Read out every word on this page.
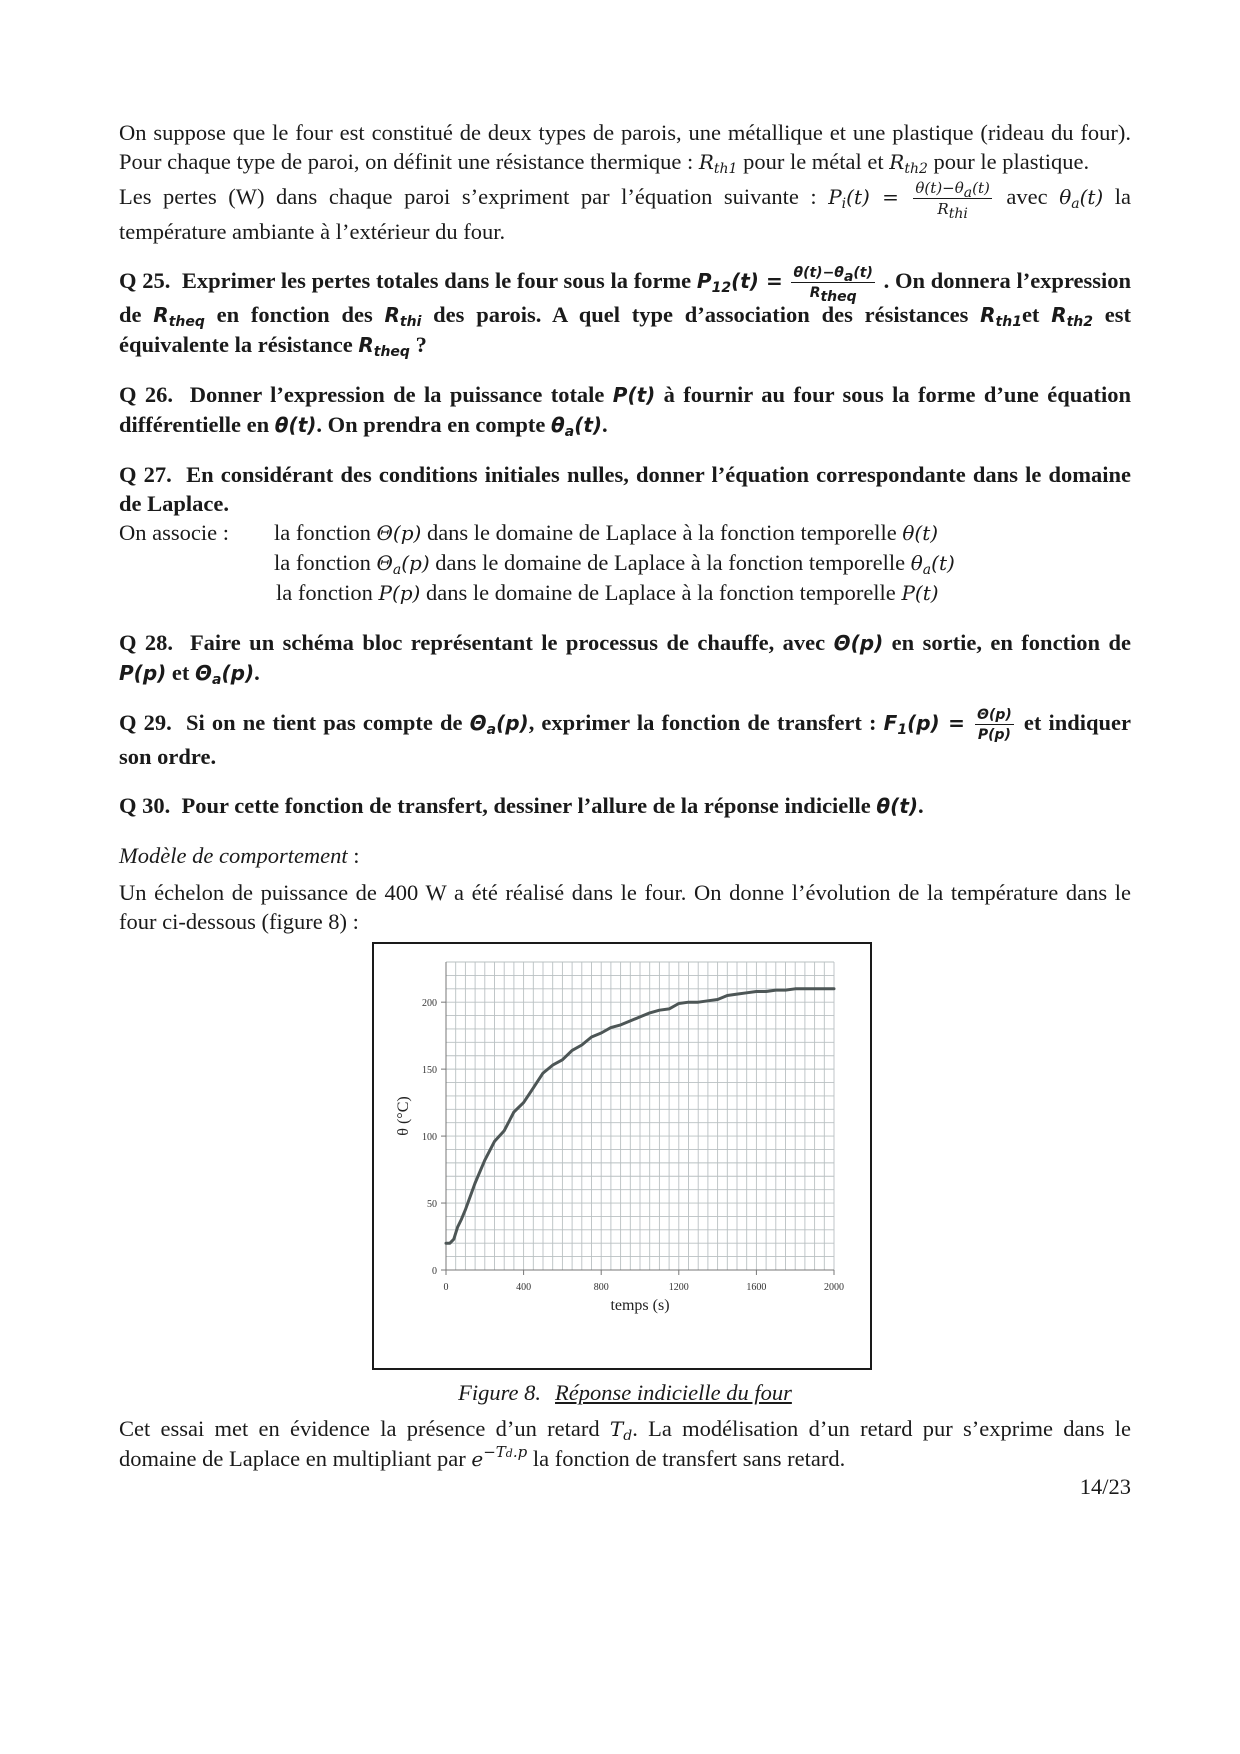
On suppose que le four est constitué de deux types de parois, une métallique et une plastique (rideau du four). Pour chaque type de paroi, on définit une résistance thermique : $R_{th1}$ pour le métal et $R_{th2}$ pour le plastique.

Les pertes (W) dans chaque paroi s’expriment par l’équation suivante : $P_i(t) = \frac{\theta(t)-\theta_a(t)}{R_{thi}}$ avec $\theta_a(t)$ la température ambiante à l’extérieur du four.

Q 25. Exprimer les pertes totales dans le four sous la forme $P_{12}(t) = \frac{\theta(t)-\theta_a(t)}{R_{theq}}$ . On donnera l’expression de $R_{theq}$ en fonction des $R_{thi}$ des parois. A quel type d’association des résistances $R_{th1}et$ $R_{th2}$ est équivalente la résistance $R_{theq}$ ?

Q 26. Donner l’expression de la puissance totale P(t) à fournir au four sous la forme d’une équation différentielle en θ(t). On prendra en compte $\theta_a(t)$.

Q 27. En considérant des conditions initiales nulles, donner l’équation correspondante dans le domaine de Laplace.

On associe :	la fonction Θ(p) dans le domaine de Laplace à la fonction temporelle θ(t)
la fonction $\Theta_a(p)$ dans le domaine de Laplace à la fonction temporelle $\theta_a(t)$
la fonction P(p) dans le domaine de Laplace à la fonction temporelle P(t)

Q 28. Faire un schéma bloc représentant le processus de chauffe, avec Θ(p) en sortie, en fonction de P(p) et $\Theta_a(p)$.

Q 29. Si on ne tient pas compte de $\Theta_a(p)$, exprimer la fonction de transfert : $F_1(p) = \frac{\Theta(p)}{P(p)}$ et indiquer son ordre.

Q 30. Pour cette fonction de transfert, dessiner l’allure de la réponse indicielle θ(t).

Modèle de comportement :

Un échelon de puissance de 400 W a été réalisé dans le four. On donne l’évolution de la température dans le four ci-dessous (figure 8) :

0	400	800	1200	1600	2000
0
50
100
150
200
temps (s)
θ (°C)
Figure 8. Réponse indicielle du four

Cet essai met en évidence la présence d’un retard $T_d$. La modélisation d’un retard pur s’exprime dans le domaine de Laplace en multipliant par $e^{-Td.p}$ la fonction de transfert sans retard.

14/23
